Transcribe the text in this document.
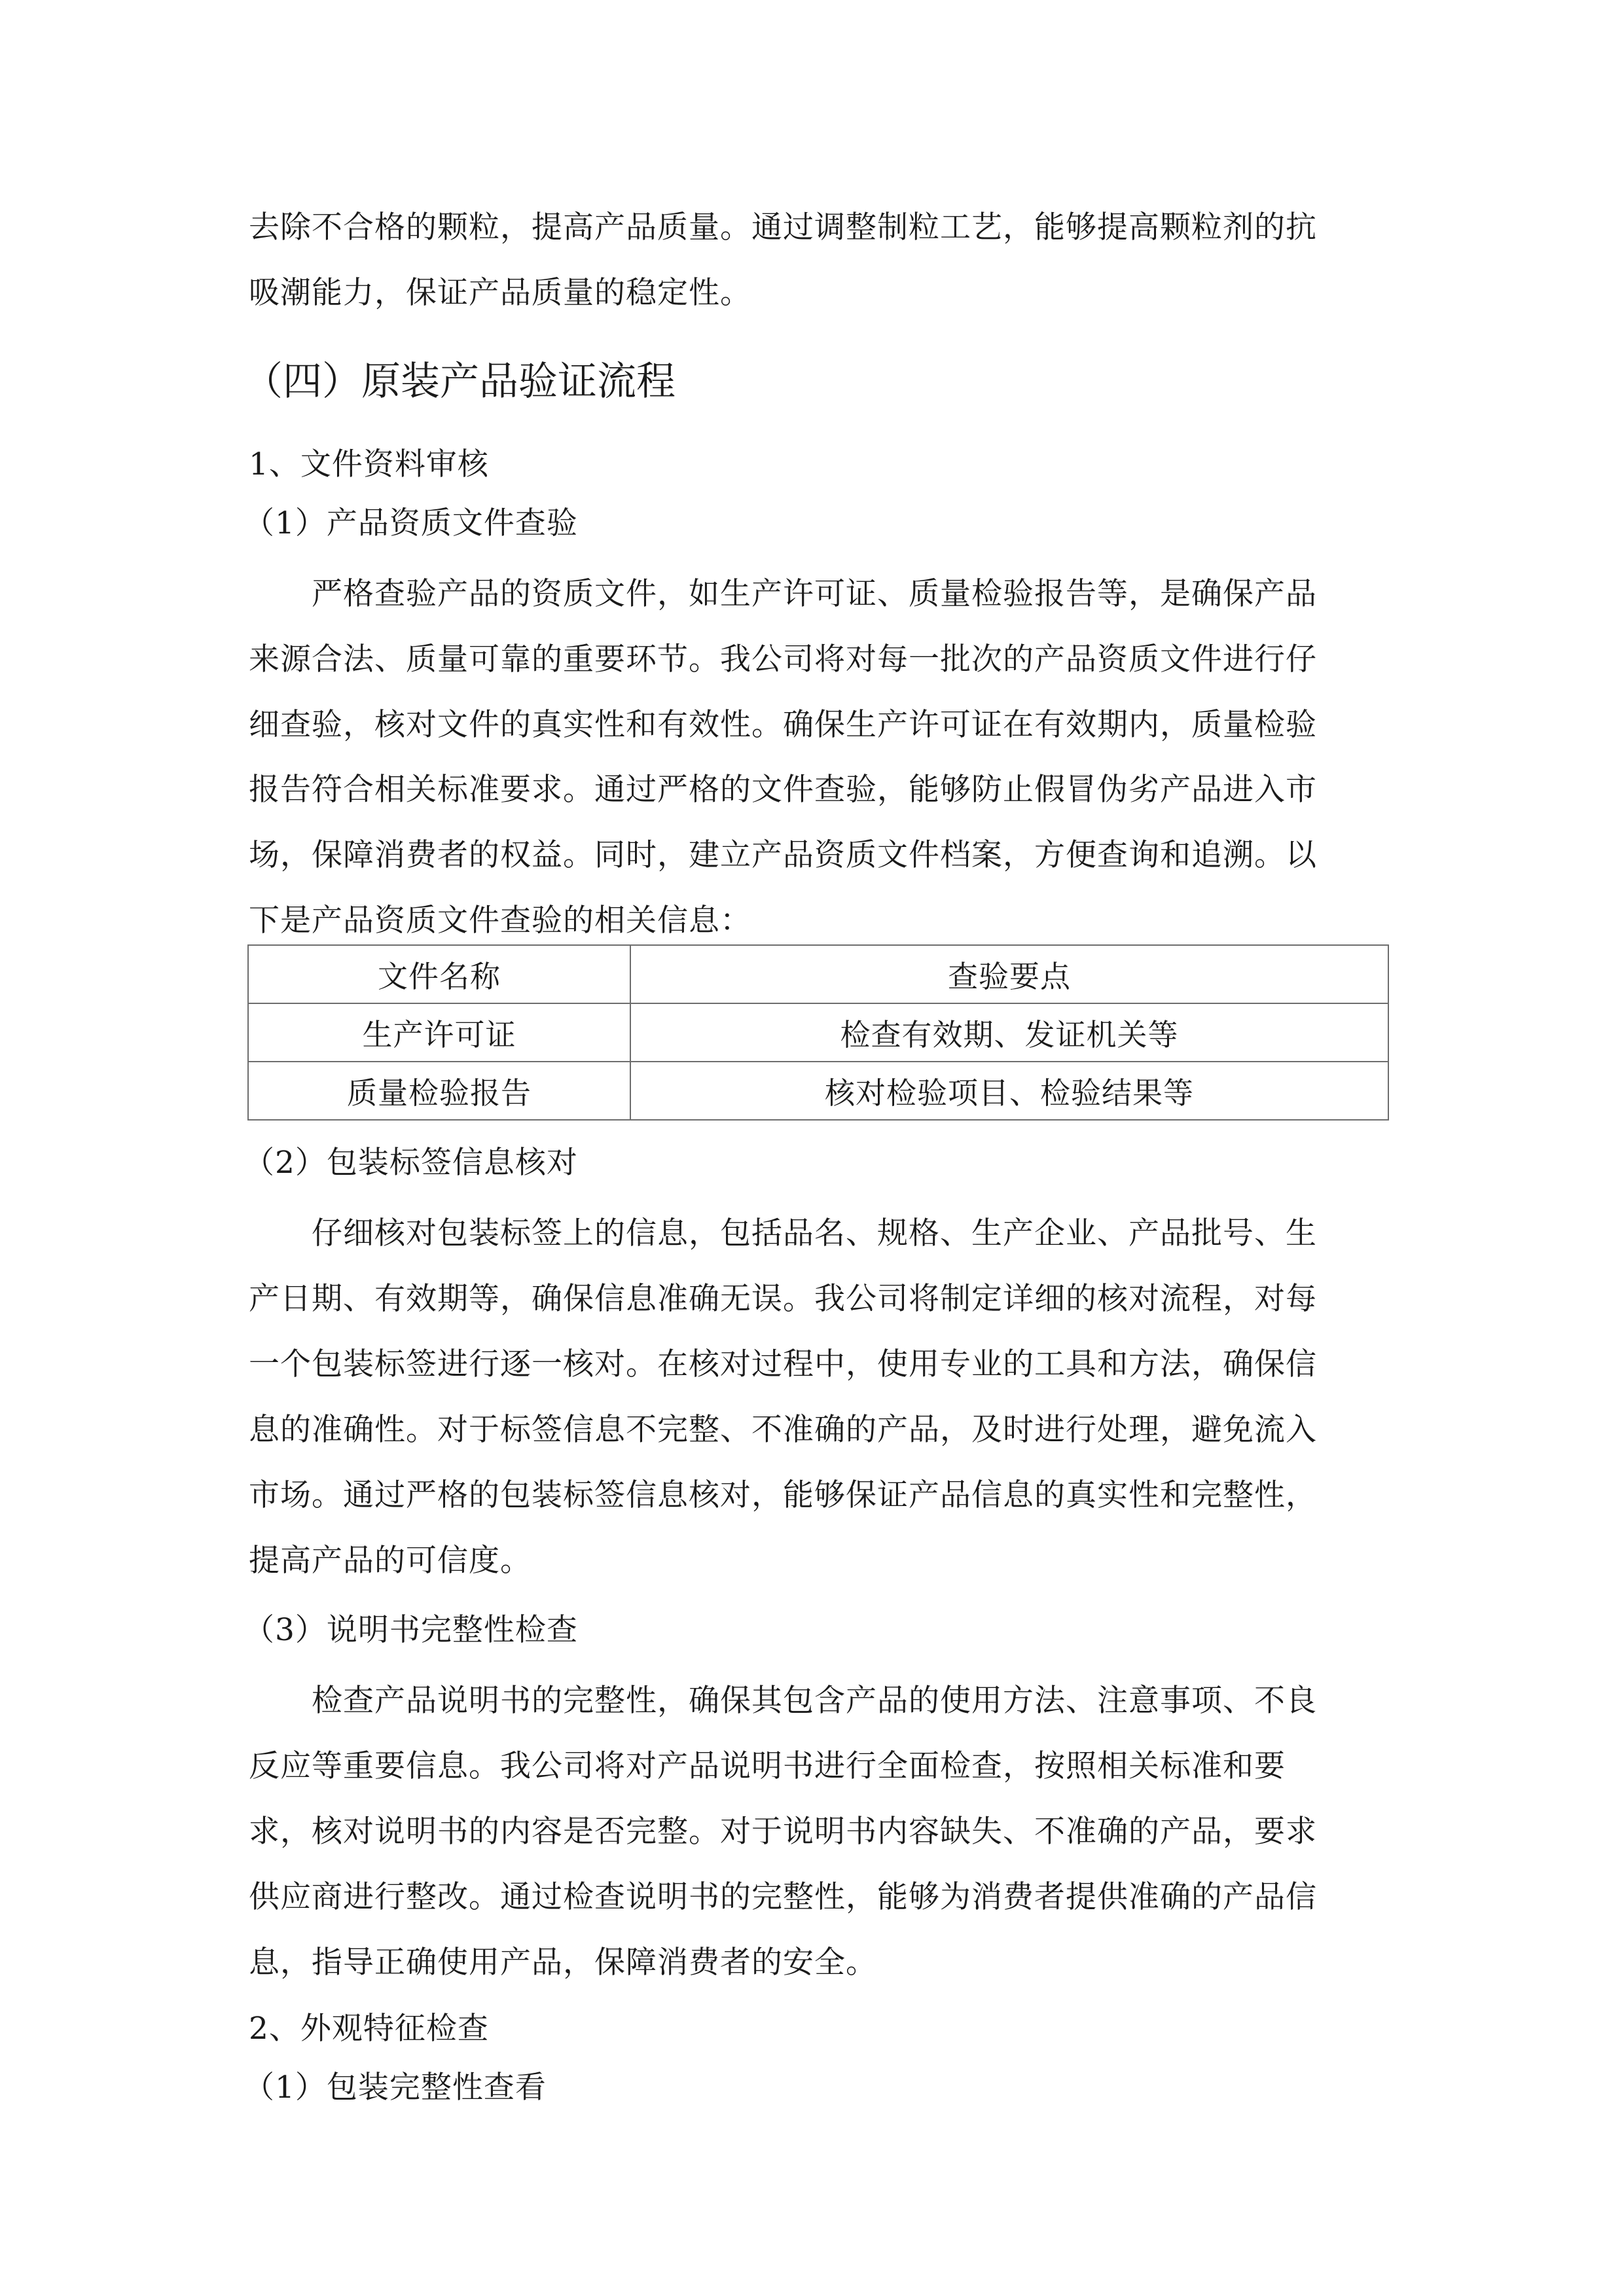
去除不合格的颗粒，提高产品质量。通过调整制粒工艺，能够提高颗粒剂的抗
吸潮能力，保证产品质量的稳定性。
（四）原装产品验证流程
1、文件资料审核
（1）产品资质文件查验
严格查验产品的资质文件，如生产许可证、质量检验报告等，是确保产品
来源合法、质量可靠的重要环节。我公司将对每一批次的产品资质文件进行仔
细查验，核对文件的真实性和有效性。确保生产许可证在有效期内，质量检验
报告符合相关标准要求。通过严格的文件查验，能够防止假冒伪劣产品进入市
场，保障消费者的权益。同时，建立产品资质文件档案，方便查询和追溯。以
下是产品资质文件查验的相关信息：
文件名称	查验要点
生产许可证	检查有效期、发证机关等
质量检验报告	核对检验项目、检验结果等
（2）包装标签信息核对
仔细核对包装标签上的信息，包括品名、规格、生产企业、产品批号、生
产日期、有效期等，确保信息准确无误。我公司将制定详细的核对流程，对每
一个包装标签进行逐一核对。在核对过程中，使用专业的工具和方法，确保信
息的准确性。对于标签信息不完整、不准确的产品，及时进行处理，避免流入
市场。通过严格的包装标签信息核对，能够保证产品信息的真实性和完整性，
提高产品的可信度。
（3）说明书完整性检查
检查产品说明书的完整性，确保其包含产品的使用方法、注意事项、不良
反应等重要信息。我公司将对产品说明书进行全面检查，按照相关标准和要
求，核对说明书的内容是否完整。对于说明书内容缺失、不准确的产品，要求
供应商进行整改。通过检查说明书的完整性，能够为消费者提供准确的产品信
息，指导正确使用产品，保障消费者的安全。
2、外观特征检查
（1）包装完整性查看
